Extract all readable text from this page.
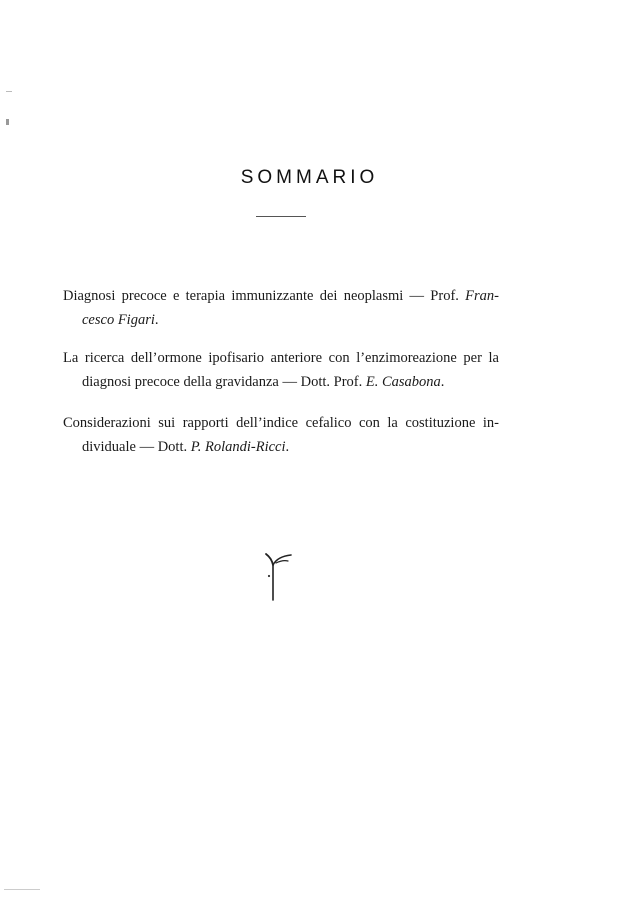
SOMMARIO
Diagnosi precoce e terapia immunizzante dei neoplasmi — Prof. Fran-
cesco Figari.
La ricerca dell’ormone ipofisario anteriore con l’enzimoreazione per la
diagnosi precoce della gravidanza — Dott. Prof. E. Casabona.
Considerazioni sui rapporti dell’indice cefalico con la costituzione in-
dividuale — Dott. P. Rolandi-Ricci.
